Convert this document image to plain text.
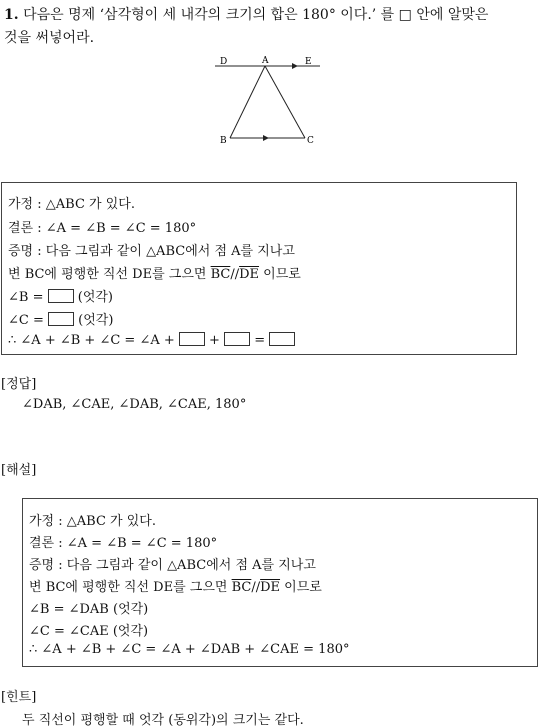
1. 다음은 명제 ‘삼각형이 세 내각의 크기의 합은 180° 이다.’ 를 □ 안에 알맞은
것을 써넣어라.
D	A	E
B	C
가정 : △ABC 가 있다.
결론 : ∠A = ∠B = ∠C = 180°
증명 : 다음 그림과 같이 △ABC에서 점 A를 지나고
변 BC에 평행한 직선 DE를 그으면 $\overline{BC}//\overline{DE}$ 이므로
∠B =  (엇각)
∠C =  (엇각)
∴ ∠A + ∠B + ∠C = ∠A +  +  =
[정답]
∠DAB, ∠CAE, ∠DAB, ∠CAE, 180°
[해설]
가정 : △ABC 가 있다.
결론 : ∠A = ∠B = ∠C = 180°
증명 : 다음 그림과 같이 △ABC에서 점 A를 지나고
변 BC에 평행한 직선 DE를 그으면 $\overline{BC}//\overline{DE}$ 이므로
∠B = ∠DAB (엇각)
∠C = ∠CAE (엇각)
∴ ∠A + ∠B + ∠C = ∠A + ∠DAB + ∠CAE = 180°
[힌트]
두 직선이 평행할 때 엇각 (동위각)의 크기는 같다.
